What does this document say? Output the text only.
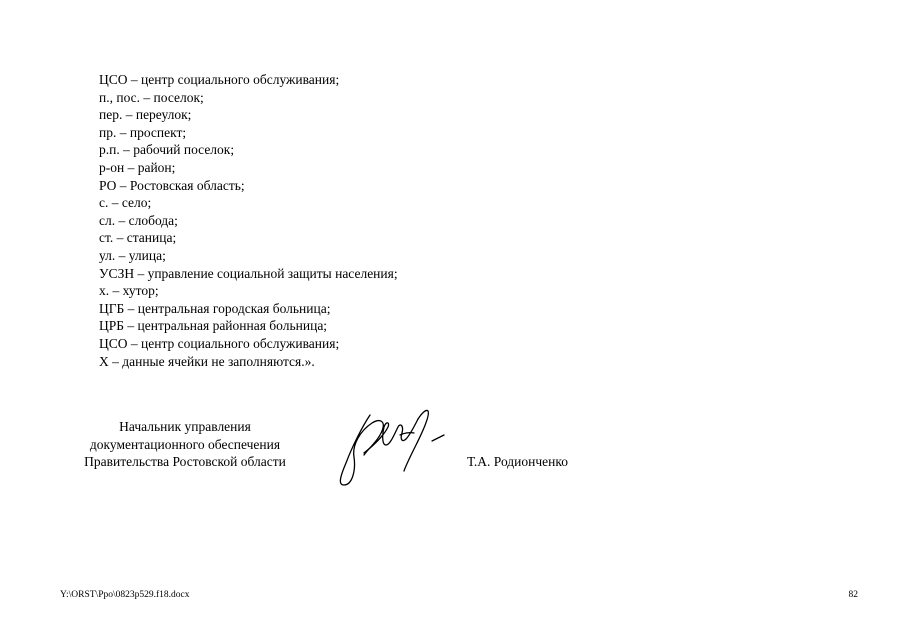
ЦСО – центр социального обслуживания;
п., пос. – поселок;
пер. – переулок;
пр. – проспект;
р.п. – рабочий поселок;
р-он – район;
РО – Ростовская область;
с. – село;
сл. – слобода;
ст. – станица;
ул. – улица;
УСЗН – управление социальной защиты населения;
х. – хутор;
ЦГБ – центральная городская больница;
ЦРБ – центральная районная больница;
ЦСО – центр социального обслуживания;
Х – данные ячейки не заполняются.».
Начальник управления
документационного обеспечения
Правительства Ростовской области	Т.А. Родионченко
Y:\ORST\Ppo\0823p529.f18.docx	82
